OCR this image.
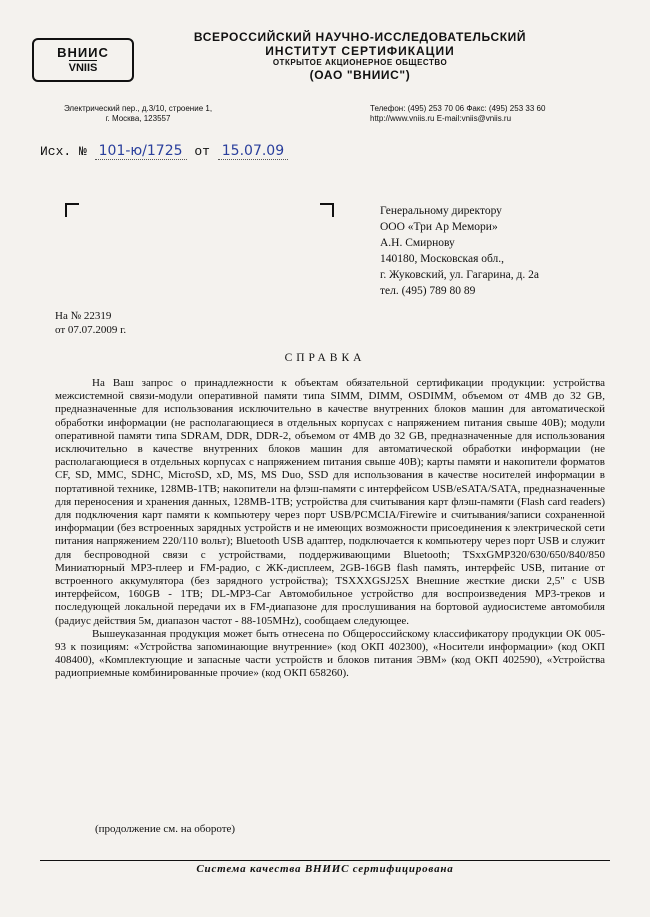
ВНИИС
VNIIS
ВСЕРОССИЙСКИЙ НАУЧНО-ИССЛЕДОВАТЕЛЬСКИЙ
ИНСТИТУТ СЕРТИФИКАЦИИ
ОТКРЫТОЕ АКЦИОНЕРНОЕ ОБЩЕСТВО
(ОАО "ВНИИС")
Электрический пер., д.3/10, строение 1,
г. Москва, 123557
Телефон: (495) 253 70 06 Факс: (495) 253 33 60
http://www.vniis.ru E-mail:vniis@vniis.ru
Исх. № 101-ю/1725 от 15.07.09
Генеральному директору
ООО «Три Ар Мемори»
А.Н. Смирнову
140180, Московская обл.,
г. Жуковский, ул. Гагарина, д. 2а
тел. (495) 789 80 89
На № 22319
от 07.07.2009 г.
СПРАВКА

На Ваш запрос о принадлежности к объектам обязательной сертификации продукции: устройства межсистемной связи-модули оперативной памяти типа SIMM, DIMM, OSDIMM, объемом от 4MB до 32 GB, предназначенные для использования исключительно в качестве внутренних блоков машин для автоматической обработки информации (не располагающиеся в отдельных корпусах с напряжением питания свыше 40В); модули оперативной памяти типа SDRAM, DDR, DDR-2, объемом от 4MB до 32 GB, предназначенные для использования исключительно в качестве внутренних блоков машин для автоматической обработки информации (не располагающиеся в отдельных корпусах с напряжением питания свыше 40В); карты памяти и накопители форматов CF, SD, MMC, SDHC, MicroSD, xD, MS, MS Duo, SSD для использования в качестве носителей информации в портативной технике, 128МВ-1ТВ; накопители на флэш-памяти с интерфейсом USB/eSATA/SATA, предназначенные для переносения и хранения данных, 128МВ-1ТВ; устройства для считывания карт флэш-памяти (Flash card readers) для подключения карт памяти к компьютеру через порт USB/PCMCIA/Firewire и считывания/записи сохраненной информации (без встроенных зарядных устройств и не имеющих возможности присоединения к электрической сети питания напряжением 220/110 вольт); Bluetooth USB адаптер, подключается к компьютеру через порт USB и служит для беспроводной связи с устройствами, поддерживающими Bluetooth; TSxxGMP320/630/650/840/850 Миниатюрный МР3-плеер и FM-радио, с ЖК-дисплеем, 2GB-16GB flash память, интерфейс USB, питание от встроенного аккумулятора (без зарядного устройства); TSXXXGSJ25X Внешние жесткие диски 2,5" с USB интерфейсом, 160GB - 1ТВ; DL-MP3-Car Автомобильное устройство для воспроизведения МР3-треков и последующей локальной передачи их в FM-диапазоне для прослушивания на бортовой аудиосистеме автомобиля (радиус действия 5м, диапазон частот - 88-105MHz), сообщаем следующее.

Вышеуказанная продукция может быть отнесена по Общероссийскому классификатору продукции ОК 005-93 к позициям: «Устройства запоминающие внутренние» (код ОКП 402300), «Носители информации» (код ОКП 408400), «Комплектующие и запасные части устройств и блоков питания ЭВМ» (код ОКП 402590), «Устройства радиоприемные комбинированные прочие» (код ОКП 658260).

(продолжение см. на обороте)
Система качества ВНИИС сертифицирована
